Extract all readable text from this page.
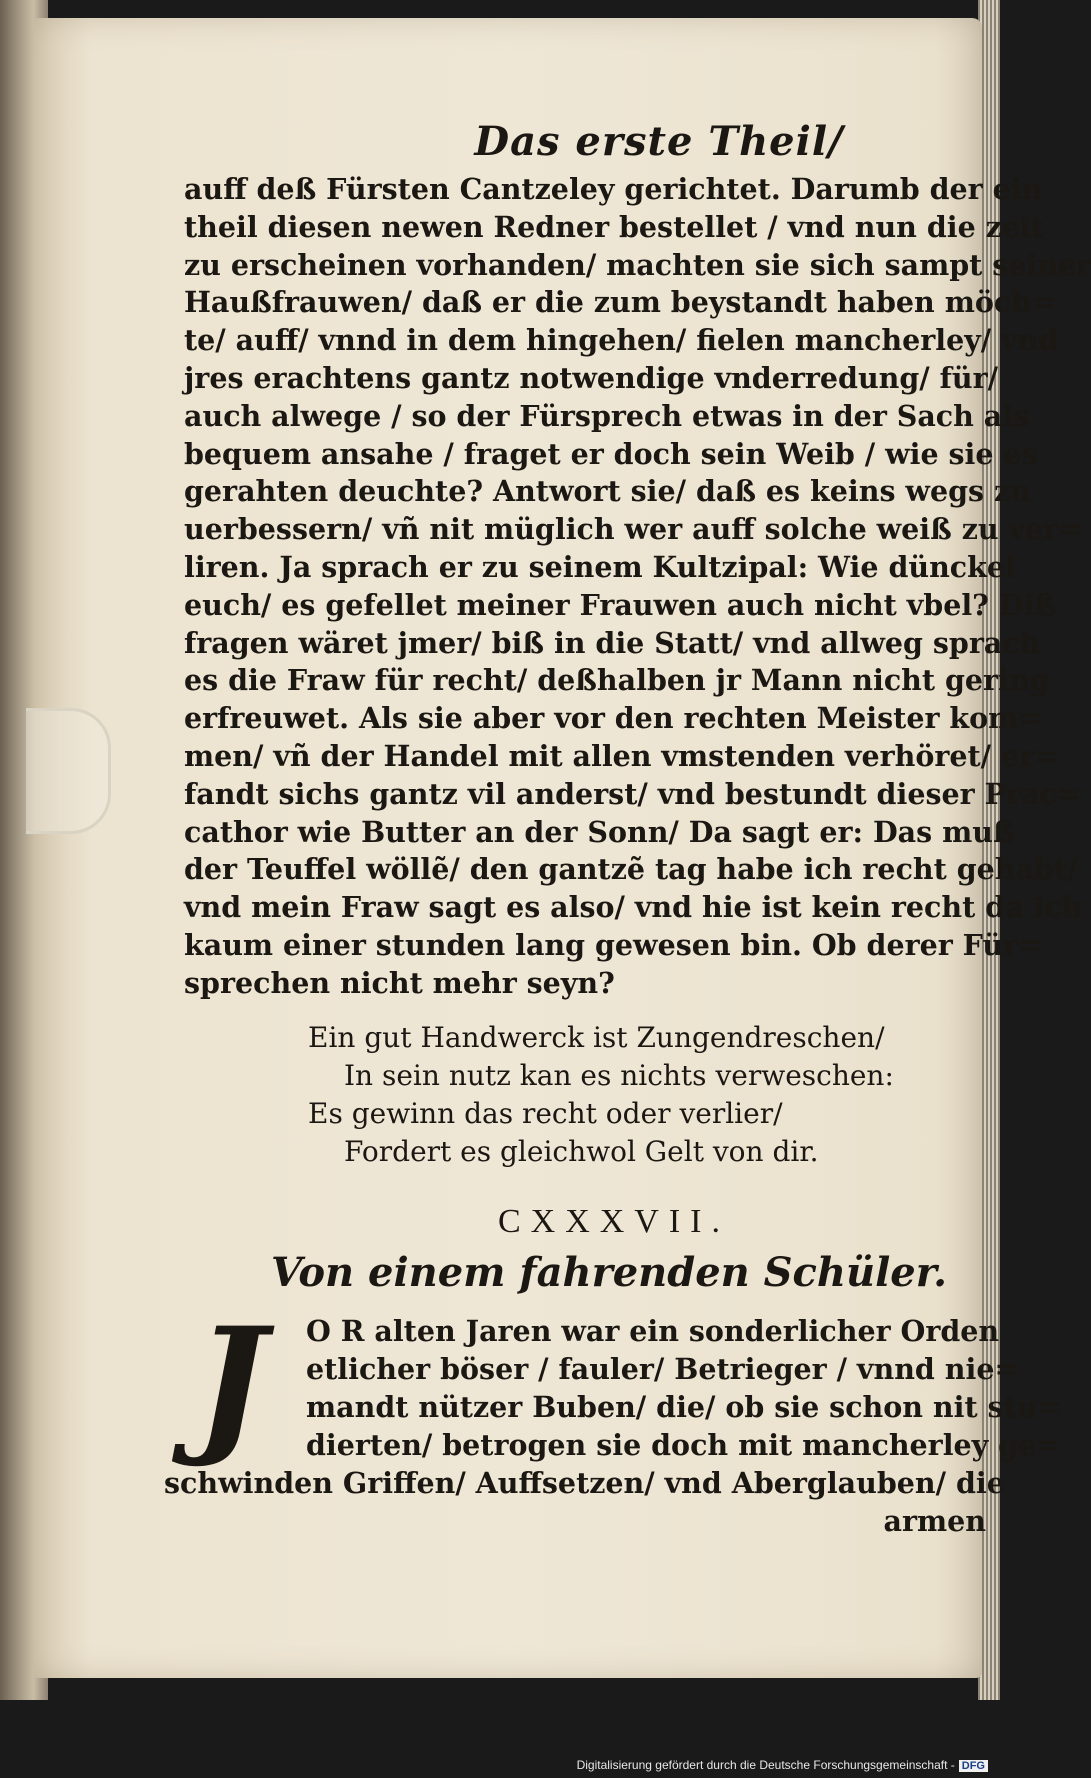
Das erste Theil/
auff deß Fürsten Cantzeley gerichtet. Darumb der ein
theil diesen newen Redner bestellet / vnd nun die zeit
zu erscheinen vorhanden/ machten sie sich sampt seiner
Haußfrauwen/ daß er die zum beystandt haben möch=
te/ auff/ vnnd in dem hingehen/ fielen mancherley/ vnd
jres erachtens gantz notwendige vnderredung/ für/
auch alwege / so der Fürsprech etwas in der Sach als
bequem ansahe / fraget er doch sein Weib / wie sie es
gerahten deuchte? Antwort sie/ daß es keins wegs zu
uerbessern/ vñ nit müglich wer auff solche weiß zu ver=
liren. Ja sprach er zu seinem Kultzipal: Wie dünckel
euch/ es gefellet meiner Frauwen auch nicht vbel? Diß
fragen wäret jmer/ biß in die Statt/ vnd allweg sprach
es die Fraw für recht/ deßhalben jr Mann nicht gering
erfreuwet. Als sie aber vor den rechten Meister kom=
men/ vñ der Handel mit allen vmstenden verhöret/ er=
fandt sichs gantz vil anderst/ vnd bestundt dieser Prac=
cathor wie Butter an der Sonn/ Da sagt er: Das muß
der Teuffel wöllẽ/ den gantzẽ tag habe ich recht gehabt/
vnd mein Fraw sagt es also/ vnd hie ist kein recht da ich
kaum einer stunden lang gewesen bin. Ob derer Für=
sprechen nicht mehr seyn?
Ein gut Handwerck ist Zungendreschen/
In sein nutz kan es nichts verweschen:
Es gewinn das recht oder verlier/
Fordert es gleichwol Gelt von dir.
CXXXVII.
Von einem fahrenden Schüler.
J	O R alten Jaren war ein sonderlicher Orden
etlicher böser / fauler/ Betrieger / vnnd nie=
mandt nützer Buben/ die/ ob sie schon nit stu=
dierten/ betrogen sie doch mit mancherley ge=
schwinden Griffen/ Auffsetzen/ vnd Aberglauben/ die
armen
Digitalisierung gefördert durch die Deutsche Forschungsgemeinschaft - DFG
